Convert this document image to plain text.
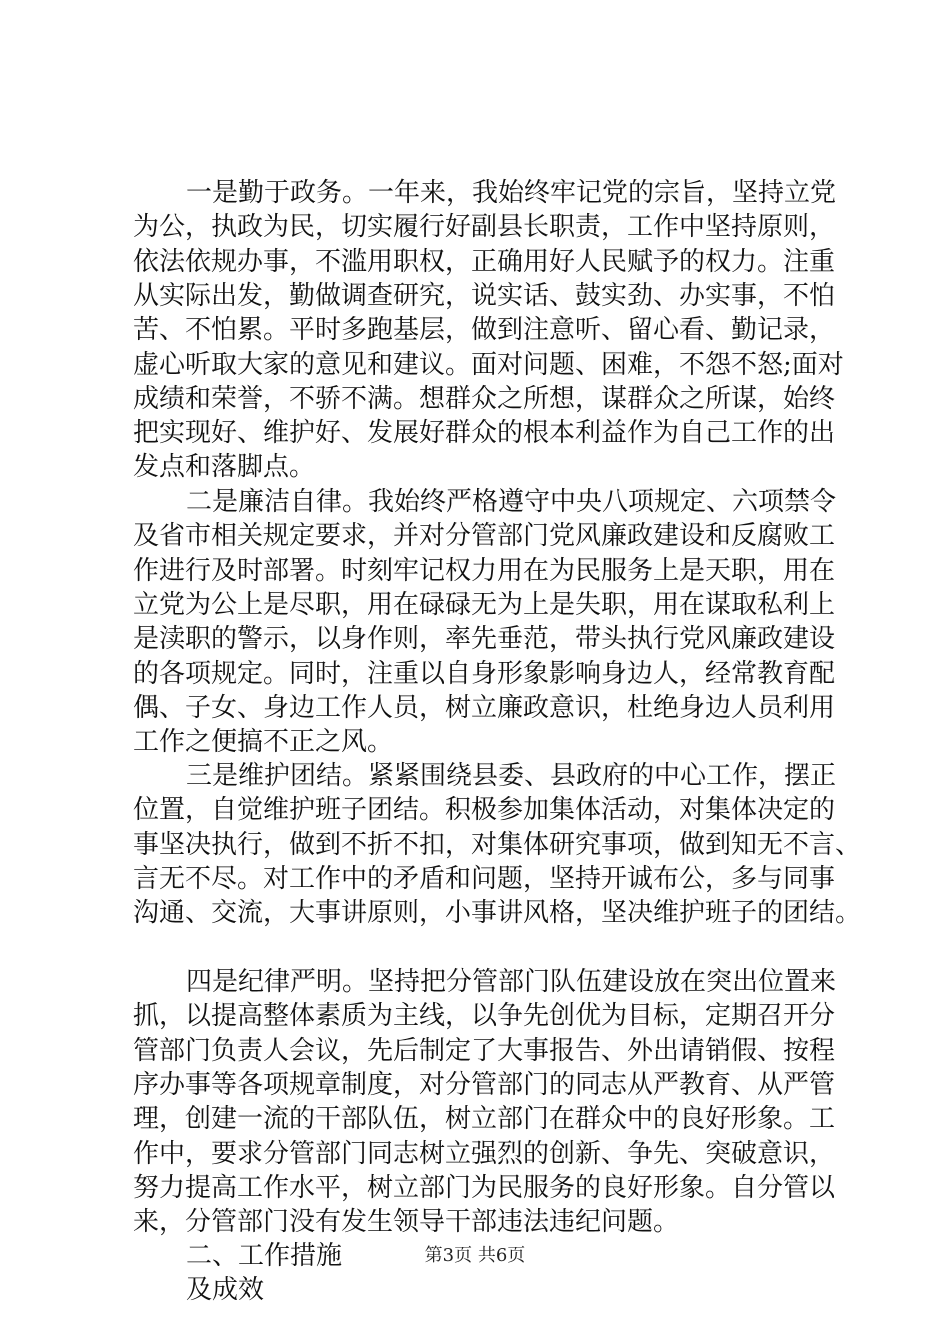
一是勤于政务。一年来，我始终牢记党的宗旨，坚持立党
为公，执政为民，切实履行好副县长职责，工作中坚持原则，
依法依规办事，不滥用职权，正确用好人民赋予的权力。注重
从实际出发，勤做调查研究，说实话、鼓实劲、办实事，不怕
苦、不怕累。平时多跑基层，做到注意听、留心看、勤记录，
虚心听取大家的意见和建议。面对问题、困难，不怨不怒;面对
成绩和荣誉，不骄不满。想群众之所想，谋群众之所谋，始终
把实现好、维护好、发展好群众的根本利益作为自己工作的出
发点和落脚点。
二是廉洁自律。我始终严格遵守中央八项规定、六项禁令
及省市相关规定要求，并对分管部门党风廉政建设和反腐败工
作进行及时部署。时刻牢记权力用在为民服务上是天职，用在
立党为公上是尽职，用在碌碌无为上是失职，用在谋取私利上
是渎职的警示，以身作则，率先垂范，带头执行党风廉政建设
的各项规定。同时，注重以自身形象影响身边人，经常教育配
偶、子女、身边工作人员，树立廉政意识，杜绝身边人员利用
工作之便搞不正之风。
三是维护团结。紧紧围绕县委、县政府的中心工作，摆正
位置，自觉维护班子团结。积极参加集体活动，对集体决定的
事坚决执行，做到不折不扣，对集体研究事项，做到知无不言、
言无不尽。对工作中的矛盾和问题，坚持开诚布公，多与同事
沟通、交流，大事讲原则，小事讲风格，坚决维护班子的团结。
四是纪律严明。坚持把分管部门队伍建设放在突出位置来
抓，以提高整体素质为主线，以争先创优为目标，定期召开分
管部门负责人会议，先后制定了大事报告、外出请销假、按程
序办事等各项规章制度，对分管部门的同志从严教育、从严管
理，创建一流的干部队伍，树立部门在群众中的良好形象。工
作中，要求分管部门同志树立强烈的创新、争先、突破意识，
努力提高工作水平，树立部门为民服务的良好形象。自分管以
来，分管部门没有发生领导干部违法违纪问题。
第3页 共6页
二、工作措施
及成效
